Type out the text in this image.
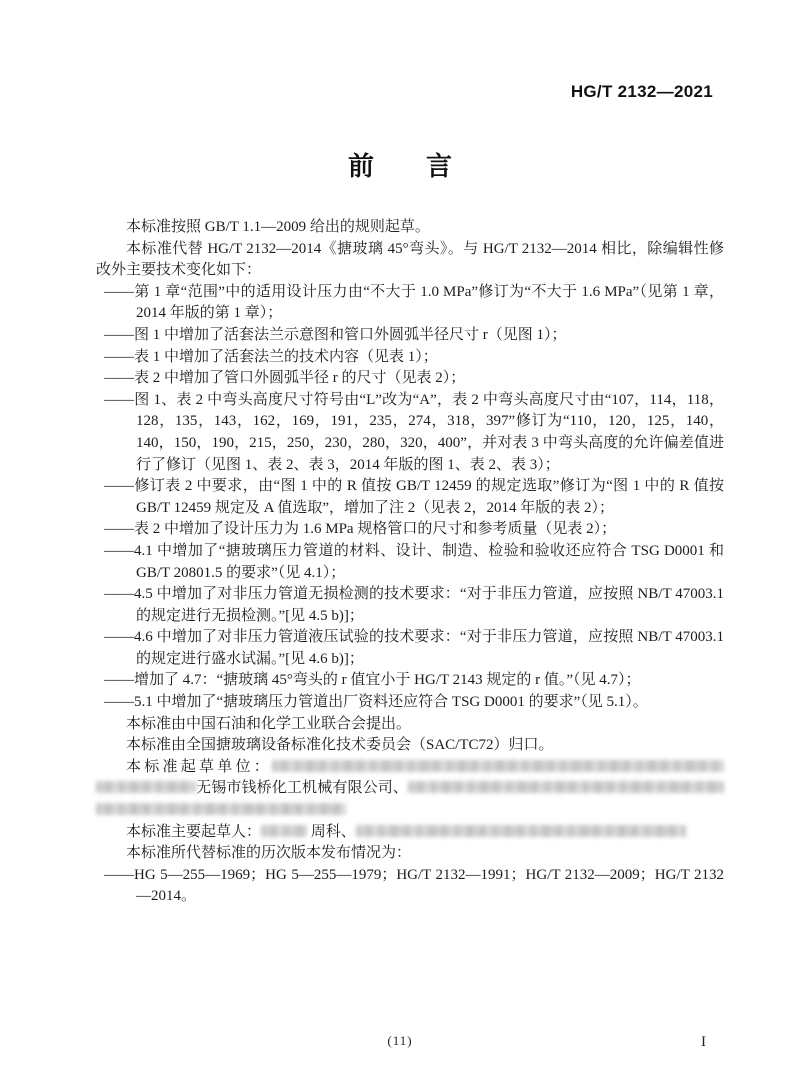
HG/T 2132—2021
前　　言

本标准按照 GB/T 1.1—2009 给出的规则起草。

本标准代替 HG/T 2132—2014《搪玻璃 45°弯头》。与 HG/T 2132—2014 相比，除编辑性修改外主要技术变化如下：

——第 1 章“范围”中的适用设计压力由“不大于 1.0 MPa”修订为“不大于 1.6 MPa”（见第 1 章，2014 年版的第 1 章）；

——图 1 中增加了活套法兰示意图和管口外圆弧半径尺寸 r（见图 1）；

——表 1 中增加了活套法兰的技术内容（见表 1）；

——表 2 中增加了管口外圆弧半径 r 的尺寸（见表 2）；

——图 1、表 2 中弯头高度尺寸符号由“L”改为“A”，表 2 中弯头高度尺寸由“107，114，118，128，135，143，162，169，191，235，274，318，397”修订为“110，120，125，140，140，150，190，215，250，230，280，320，400”，并对表 3 中弯头高度的允许偏差值进行了修订（见图 1、表 2、表 3，2014 年版的图 1、表 2、表 3）；

——修订表 2 中要求，由“图 1 中的 R 值按 GB/T 12459 的规定选取”修订为“图 1 中的 R 值按 GB/T 12459 规定及 A 值选取”，增加了注 2（见表 2，2014 年版的表 2）；

——表 2 中增加了设计压力为 1.6 MPa 规格管口的尺寸和参考质量（见表 2）；

——4.1 中增加了“搪玻璃压力管道的材料、设计、制造、检验和验收还应符合 TSG D0001 和 GB/T 20801.5 的要求”（见 4.1）；

——4.5 中增加了对非压力管道无损检测的技术要求：“对于非压力管道，应按照 NB/T 47003.1 的规定进行无损检测。”[见 4.5 b)]；

——4.6 中增加了对非压力管道液压试验的技术要求：“对于非压力管道，应按照 NB/T 47003.1 的规定进行盛水试漏。”[见 4.6 b)]；

——增加了 4.7：“搪玻璃 45°弯头的 r 值宜小于 HG/T 2143 规定的 r 值。”（见 4.7）；

——5.1 中增加了“搪玻璃压力管道出厂资料还应符合 TSG D0001 的要求”（见 5.1）。

本标准由中国石油和化学工业联合会提出。

本标准由全国搪玻璃设备标准化技术委员会（SAC/TC72）归口。

本标准起草单位：无锡市钱桥化工机械有限公司、

本标准主要起草人：	周科、

本标准所代替标准的历次版本发布情况为：

——HG 5—255—1969；HG 5—255—1979；HG/T 2132—1991；HG/T 2132—2009；HG/T 2132—2014。

(11)	I
